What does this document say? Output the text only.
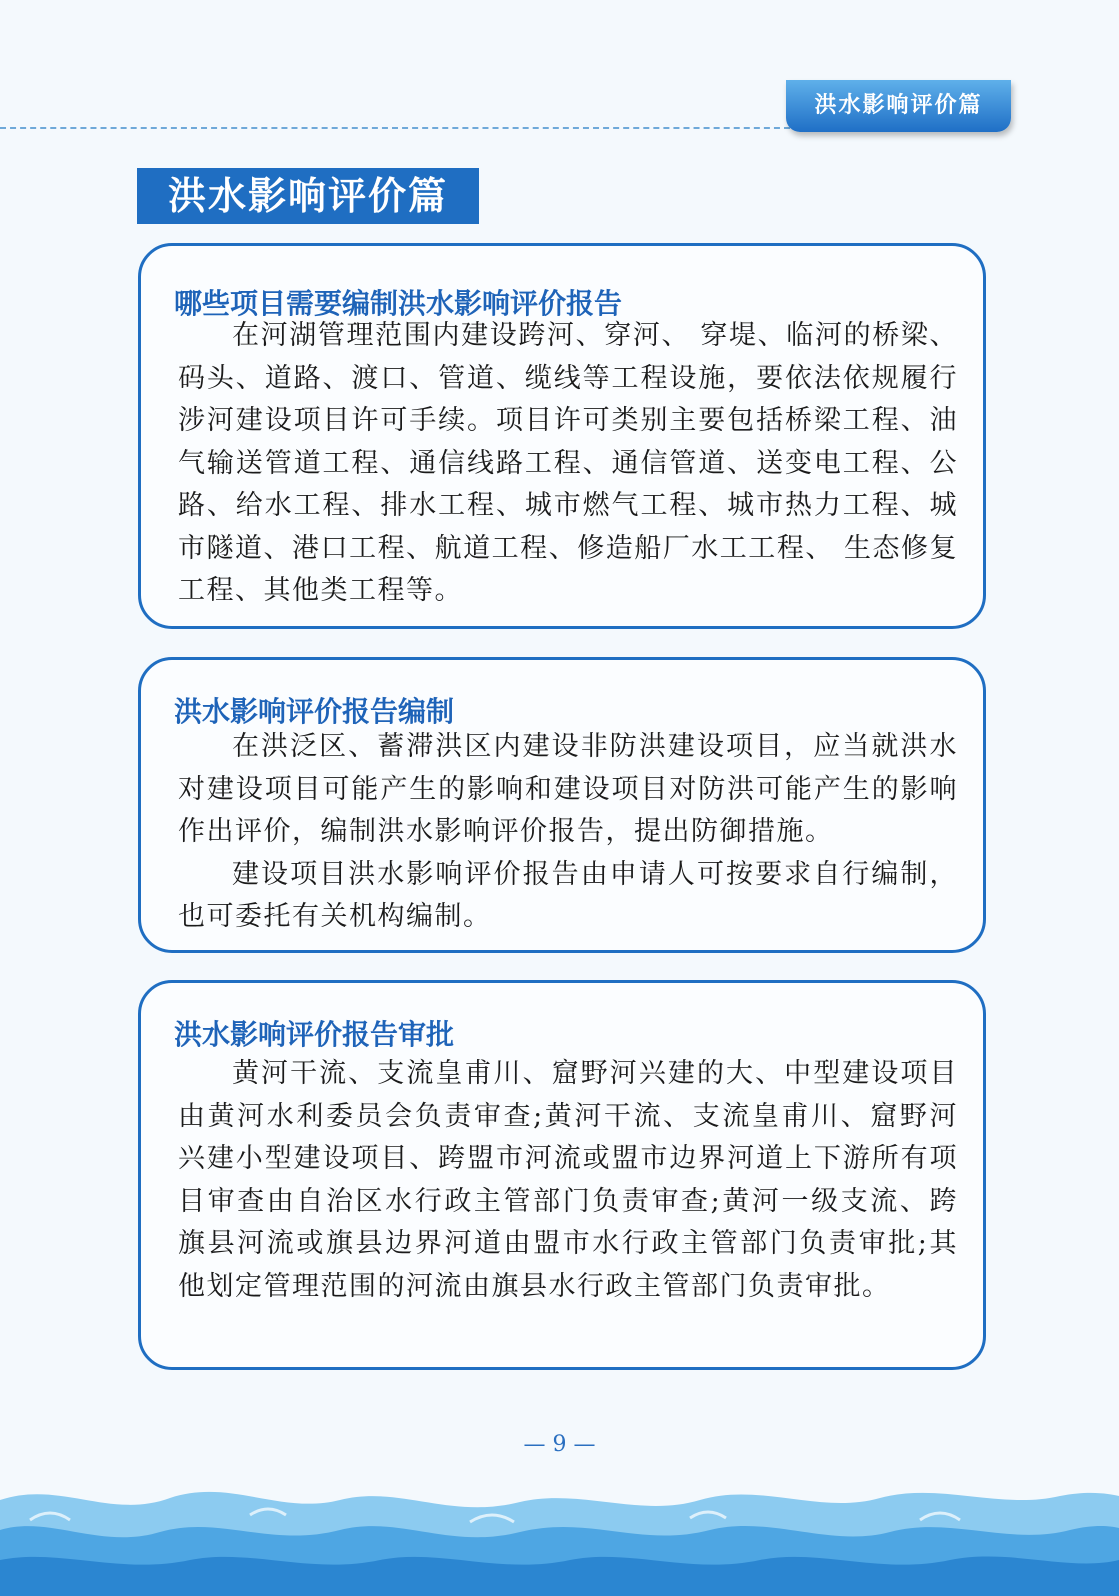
洪水影响评价篇
洪水影响评价篇
哪些项目需要编制洪水影响评价报告

在河湖管理范围内建设跨河、穿河、 穿堤、临河的桥梁、码头、道路、渡口、管道、缆线等工程设施，要依法依规履行涉河建设项目许可手续。项目许可类别主要包括桥梁工程、油气输送管道工程、通信线路工程、通信管道、送变电工程、公路、给水工程、排水工程、城市燃气工程、城市热力工程、城市隧道、港口工程、航道工程、修造船厂水工工程、 生态修复工程、其他类工程等。

洪水影响评价报告编制

在洪泛区、蓄滞洪区内建设非防洪建设项目，应当就洪水对建设项目可能产生的影响和建设项目对防洪可能产生的影响作出评价，编制洪水影响评价报告，提出防御措施。

建设项目洪水影响评价报告由申请人可按要求自行编制，也可委托有关机构编制。

洪水影响评价报告审批

黄河干流、支流皇甫川、窟野河兴建的大、中型建设项目由黄河水利委员会负责审查;黄河干流、支流皇甫川、窟野河兴建小型建设项目、跨盟市河流或盟市边界河道上下游所有项目审查由自治区水行政主管部门负责审查;黄河一级支流、跨旗县河流或旗县边界河道由盟市水行政主管部门负责审批;其他划定管理范围的河流由旗县水行政主管部门负责审批。

— 9 —
